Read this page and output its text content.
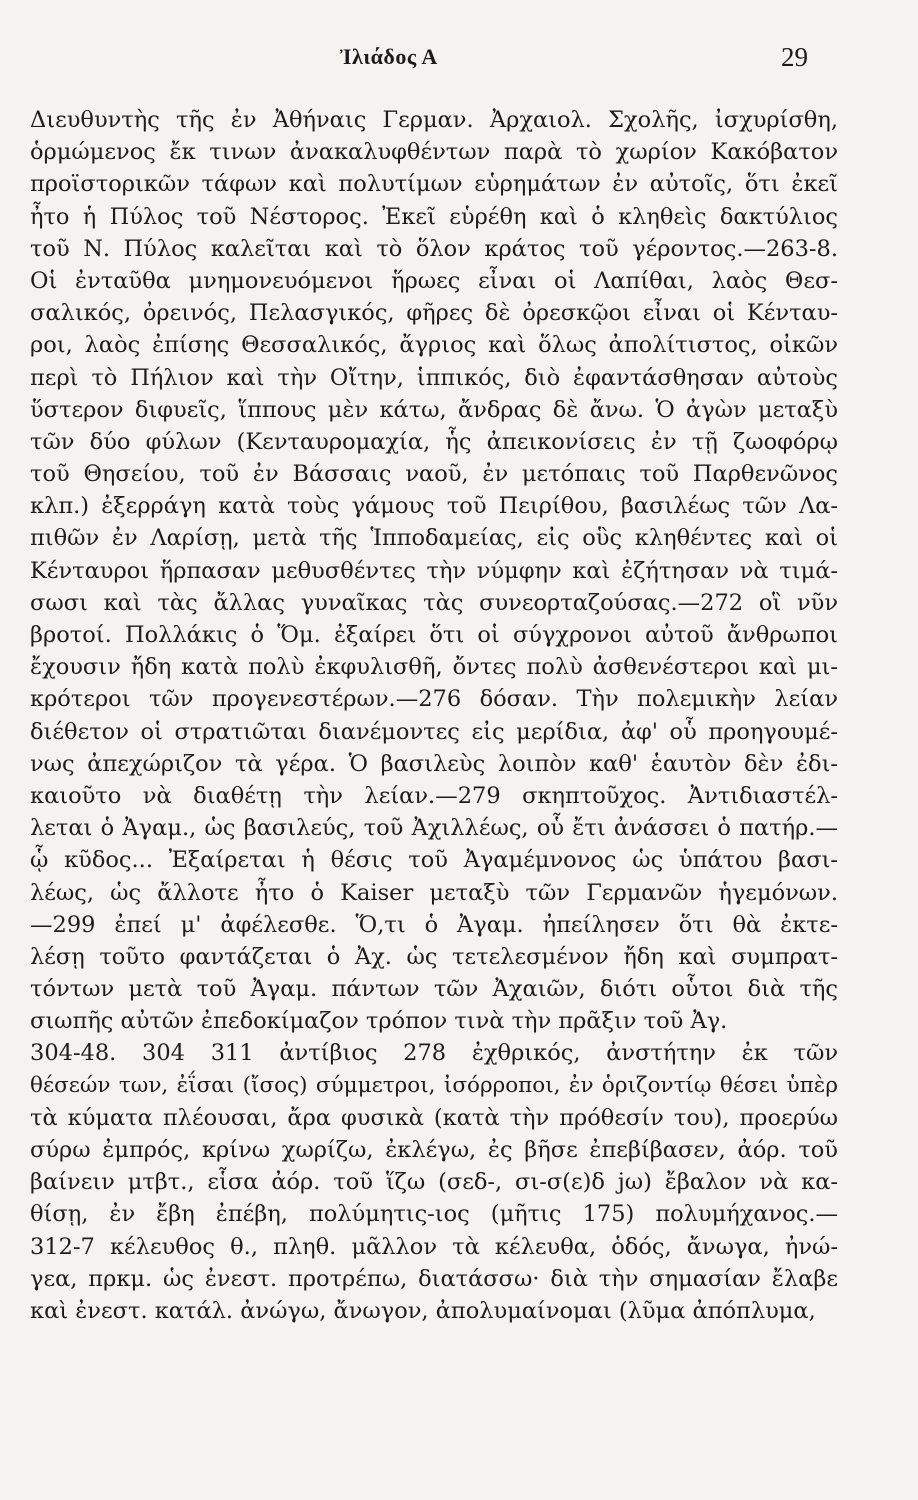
Ἰλιάδος Α	29
Διευθυντὴς τῆς ἐν Ἀθήναις Γερμαν. Ἀρχαιολ. Σχολῆς, ἰσχυρίσθη,
ὁρμώμενος ἔκ τινων ἀνακαλυφθέντων παρὰ τὸ χωρίον Κακόβατον
προϊστορικῶν τάφων καὶ πολυτίμων εὑρημάτων ἐν αὐτοῖς, ὅτι ἐκεῖ
ἦτο ἡ Πύλος τοῦ Νέστορος. Ἐκεῖ εὑρέθη καὶ ὁ κληθεὶς δακτύλιος
τοῦ Ν. Πύλος καλεῖται καὶ τὸ ὅλον κράτος τοῦ γέροντος.—263-8.
Οἱ ἐνταῦθα μνημονευόμενοι ἥρωες εἶναι οἱ Λαπίθαι, λαὸς Θεσ-
σαλικός, ὀρεινός, Πελασγικός, φῆρες δὲ ὀρεσκῷοι εἶναι οἱ Κένταυ-
ροι, λαὸς ἐπίσης Θεσσαλικός, ἄγριος καὶ ὅλως ἀπολίτιστος, οἰκῶν
περὶ τὸ Πήλιον καὶ τὴν Οἴτην, ἱππικός, διὸ ἐφαντάσθησαν αὐτοὺς
ὕστερον διφυεῖς, ἵππους μὲν κάτω, ἄνδρας δὲ ἄνω. Ὁ ἀγὼν μεταξὺ
τῶν δύο φύλων (Κενταυρομαχία, ἧς ἀπεικονίσεις ἐν τῇ ζωοφόρῳ
τοῦ Θησείου, τοῦ ἐν Βάσσαις ναοῦ, ἐν μετόπαις τοῦ Παρθενῶνος
κλπ.) ἐξερράγη κατὰ τοὺς γάμους τοῦ Πειρίθου, βασιλέως τῶν Λα-
πιθῶν ἐν Λαρίσῃ, μετὰ τῆς Ἱπποδαμείας, εἰς οὓς κληθέντες καὶ οἱ
Κένταυροι ἥρπασαν μεθυσθέντες τὴν νύμφην καὶ ἐζήτησαν νὰ τιμά-
σωσι καὶ τὰς ἄλλας γυναῖκας τὰς συνεορταζούσας.—272 οἳ νῦν
βροτοί. Πολλάκις ὁ Ὅμ. ἐξαίρει ὅτι οἱ σύγχρονοι αὐτοῦ ἄνθρωποι
ἔχουσιν ἤδη κατὰ πολὺ ἐκφυλισθῆ, ὄντες πολὺ ἀσθενέστεροι καὶ μι-
κρότεροι τῶν προγενεστέρων.—276 δόσαν. Τὴν πολεμικὴν λείαν
διέθετον οἱ στρατιῶται διανέμοντες εἰς μερίδια, ἀφ' οὗ προηγουμέ-
νως ἀπεχώριζον τὰ γέρα. Ὁ βασιλεὺς λοιπὸν καθ' ἑαυτὸν δὲν ἐδι-
καιοῦτο νὰ διαθέτῃ τὴν λείαν.—279 σκηπτοῦχος. Ἀντιδιαστέλ-
λεται ὁ Ἀγαμ., ὡς βασιλεύς, τοῦ Ἀχιλλέως, οὗ ἔτι ἀνάσσει ὁ πατήρ.—
ᾧ κῦδος... Ἐξαίρεται ἡ θέσις τοῦ Ἀγαμέμνονος ὡς ὑπάτου βασι-
λέως, ὡς ἄλλοτε ἦτο ὁ Kaiser μεταξὺ τῶν Γερμανῶν ἡγεμόνων.
—299 ἐπεί μ' ἀφέλεσθε. Ὅ,τι ὁ Ἀγαμ. ἠπείλησεν ὅτι θὰ ἐκτε-
λέσῃ τοῦτο φαντάζεται ὁ Ἀχ. ὡς τετελεσμένον ἤδη καὶ συμπρατ-
τόντων μετὰ τοῦ Ἀγαμ. πάντων τῶν Ἀχαιῶν, διότι οὗτοι διὰ τῆς
σιωπῆς αὐτῶν ἐπεδοκίμαζον τρόπον τινὰ τὴν πρᾶξιν τοῦ Ἀγ.
304-48. 304 311 ἀντίβιος 278 ἐχθρικός, ἀνστήτην ἐκ τῶν
θέσεών των, ἐΐσαι (ἴσος) σύμμετροι, ἰσόρροποι, ἐν ὁριζοντίῳ θέσει ὑπὲρ
τὰ κύματα πλέουσαι, ἄρα φυσικὰ (κατὰ τὴν πρόθεσίν του), προερύω
σύρω ἐμπρός, κρίνω χωρίζω, ἐκλέγω, ἐς βῆσε ἐπεβίβασεν, ἀόρ. τοῦ
βαίνειν μτβτ., εἷσα ἀόρ. τοῦ ἵζω (σεδ-, σι-σ(ε)δ jω) ἔβαλον νὰ κα-
θίσῃ, ἐν ἔβη ἐπέβη, πολύμητις-ιος (μῆτις 175) πολυμήχανος.—
312-7 κέλευθος θ., πληθ. μᾶλλον τὰ κέλευθα, ὁδός, ἄνωγα, ἠνώ-
γεα, πρκμ. ὡς ἐνεστ. προτρέπω, διατάσσω· διὰ τὴν σημασίαν ἔλαβε
καὶ ἐνεστ. κατάλ. ἀνώγω, ἄνωγον, ἀπολυμαίνομαι (λῦμα ἀπόπλυμα,
